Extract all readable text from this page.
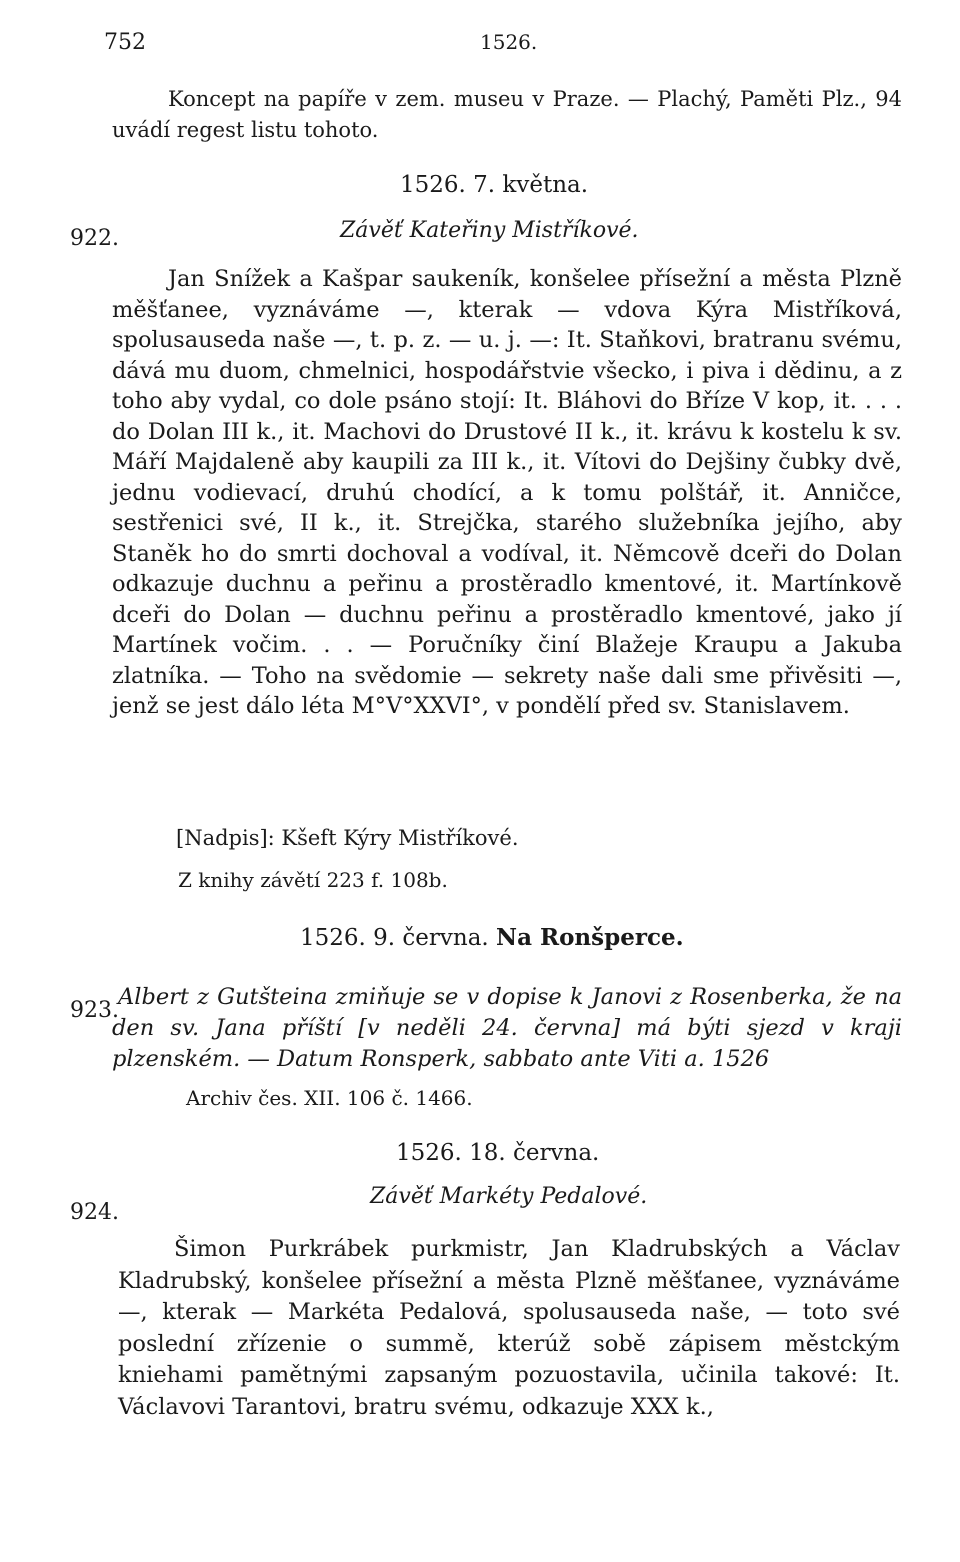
752	1526.

Koncept na papíře v zem. museu v Praze. — Plachý, Paměti Plz., 94 uvádí regest listu tohoto.

1526. 7. května.
922.	Závěť Kateřiny Mistříkové.

Jan Snížek a Kašpar saukeník, konšelee přísežní a města Plzně měšťanee, vyznáváme —, kterak — vdova Kýra Mistříková, spolusauseda naše —, t. p. z. — u. j. —: It. Staňkovi, bratranu svému, dává mu duom, chmelnici, hospodářstvie všecko, i piva i dědinu, a z toho aby vydal, co dole psáno stojí: It. Bláhovi do Bříze V kop, it. . . . do Dolan III k., it. Machovi do Drustové II k., it. krávu k kostelu k sv. Máří Majdaleně aby kaupili za III k., it. Vítovi do Dejšiny čubky dvě, jednu vodievací, druhú chodící, a k tomu polštář, it. Anničce, sestřenici své, II k., it. Strejčka, starého služebníka jejího, aby Staněk ho do smrti dochoval a vodíval, it. Němcově dceři do Dolan odkazuje duchnu a peřinu a prostěradlo kmentové, it. Martínkově dceři do Dolan — duchnu peřinu a prostěradlo kmentové, jako jí Martínek vočim. . . — Poručníky činí Blažeje Kraupu a Jakuba zlatníka. — Toho na svědomie — sekrety naše dali sme přivěsiti —, jenž se jest dálo léta M°V°XXVI°, v pondělí před sv. Stanislavem.

[Nadpis]: Kšeft Kýry Mistříkové.
Z knihy závětí 223 f. 108b.
1526. 9. června. Na Ronšperce.
923.

Albert z Gutšteina zmiňuje se v dopise k Janovi z Rosenberka, že na den sv. Jana příští [v neděli 24. června] má býti sjezd v kraji plzenském. — Datum Ronsperk, sabbato ante Viti a. 1526

Archiv čes. XII. 106 č. 1466.
1526. 18. června.
924.
Závěť Markéty Pedalové.

Šimon Purkrábek purkmistr, Jan Kladrubských a Václav Kladrubský, konšelee přísežní a města Plzně měšťanee, vyznáváme —, kterak — Markéta Pedalová, spolusauseda naše, — toto své poslední zřízenie o summě, kterúž sobě zápisem městckým kniehami pamětnými zapsaným pozuostavila, učinila takové: It. Václavovi Tarantovi, bratru svému, odkazuje XXX k.,
